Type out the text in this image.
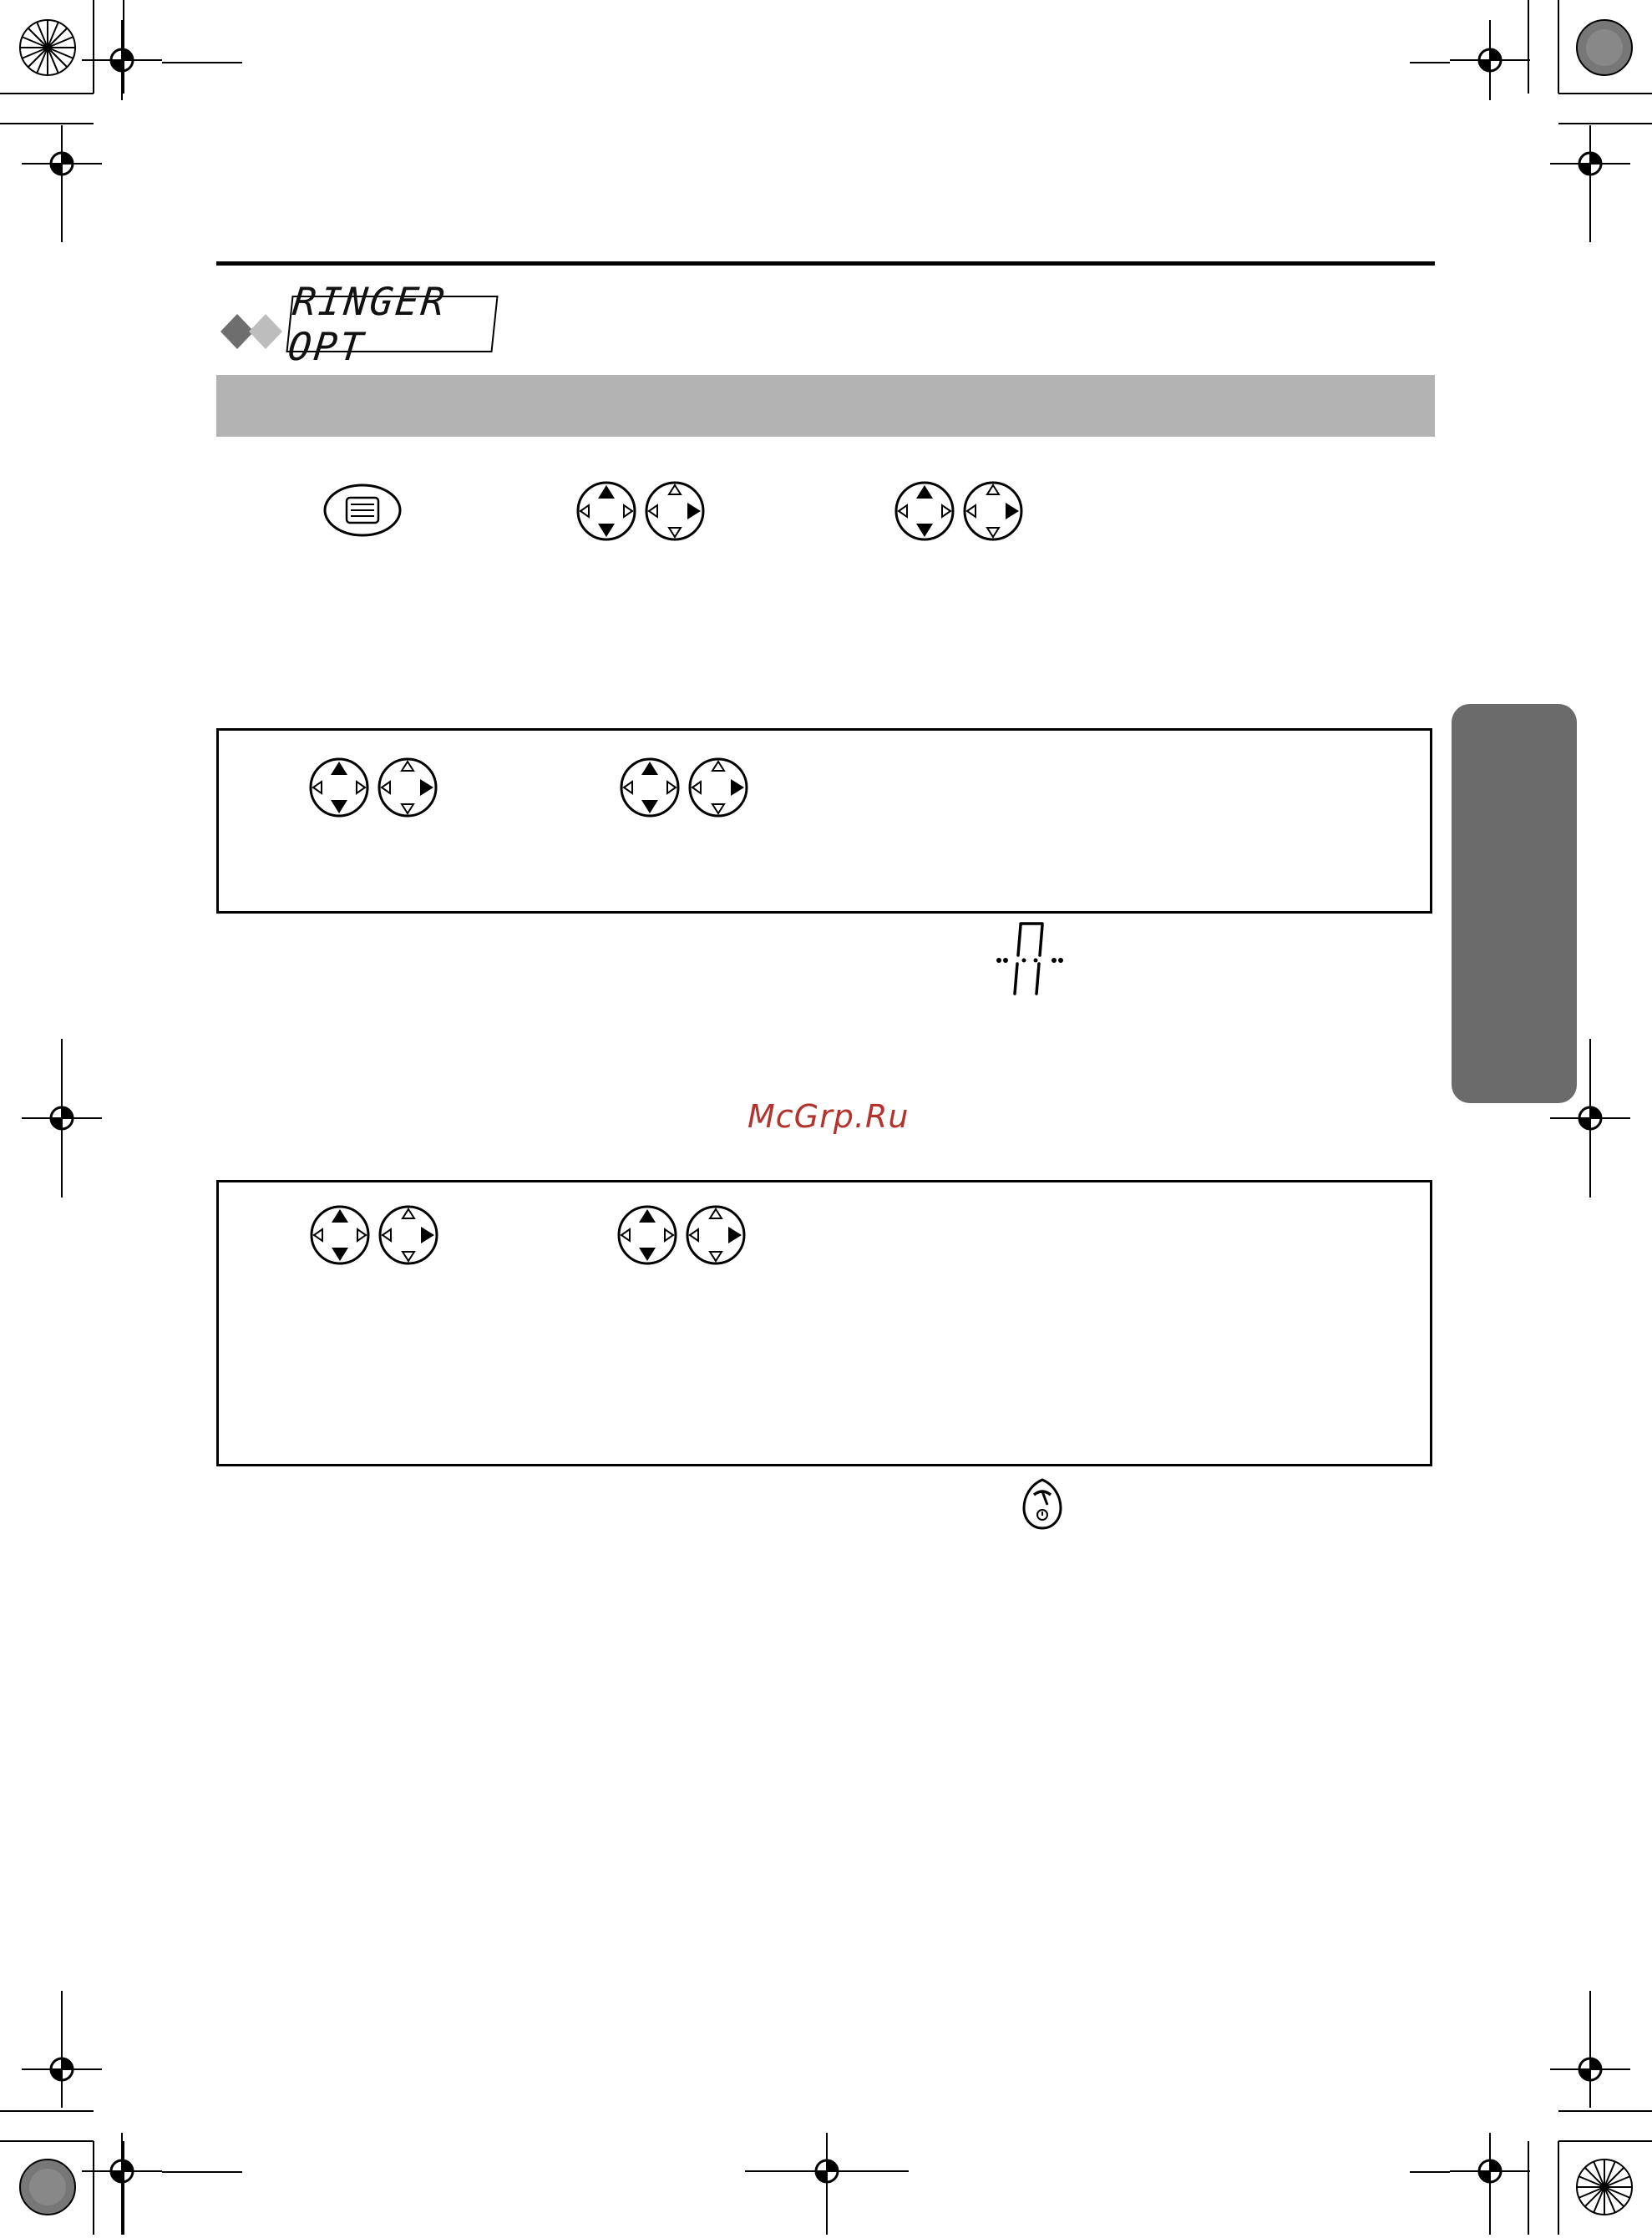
RINGER OPT
McGrp.Ru
